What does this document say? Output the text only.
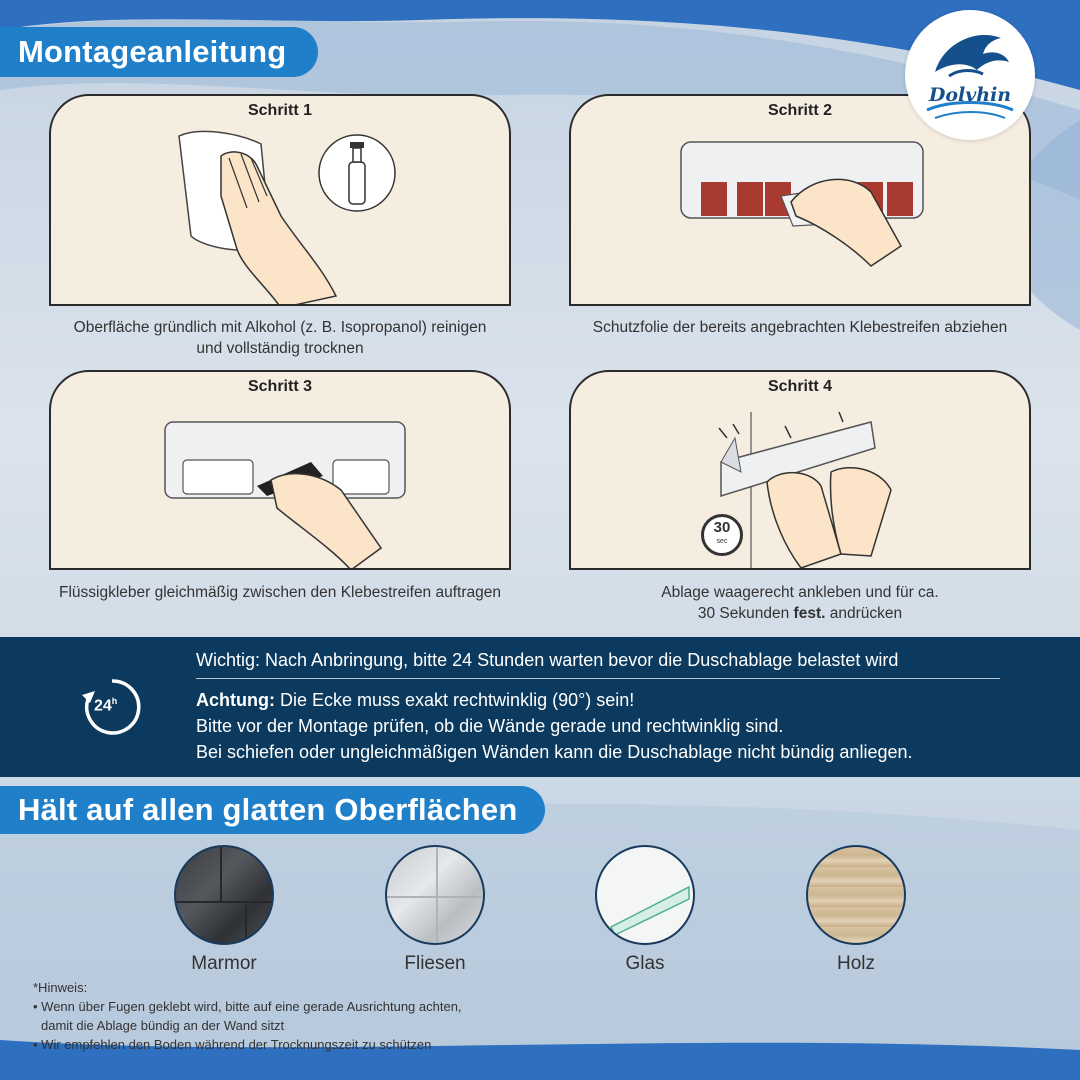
Montageanleitung
Dolvhin
Schritt 1
Oberfläche gründlich mit Alkohol (z. B. Isopropanol) reinigen
und vollständig trocknen
Schritt 2
Schutzfolie der bereits angebrachten Klebestreifen abziehen
Schritt 3
Flüssigkleber gleichmäßig zwischen den Klebestreifen auftragen
Schritt 4
30
sec
Ablage waagerecht ankleben und für ca.
30 Sekunden fest. andrücken
24$^h$
Wichtig: Nach Anbringung, bitte 24 Stunden warten bevor die Duschablage belastet wird
Achtung: Die Ecke muss exakt rechtwinklig (90°) sein!
Bitte vor der Montage prüfen, ob die Wände gerade und rechtwinklig sind.
Bei schiefen oder ungleichmäßigen Wänden kann die Duschablage nicht bündig anliegen.
Hält auf allen glatten Oberflächen
Marmor	Fliesen	Glas	Holz
*Hinweis:
• Wenn über Fugen geklebt wird, bitte auf eine gerade Ausrichtung achten,
damit die Ablage bündig an der Wand sitzt
• Wir empfehlen den Boden während der Trocknungszeit zu schützen
